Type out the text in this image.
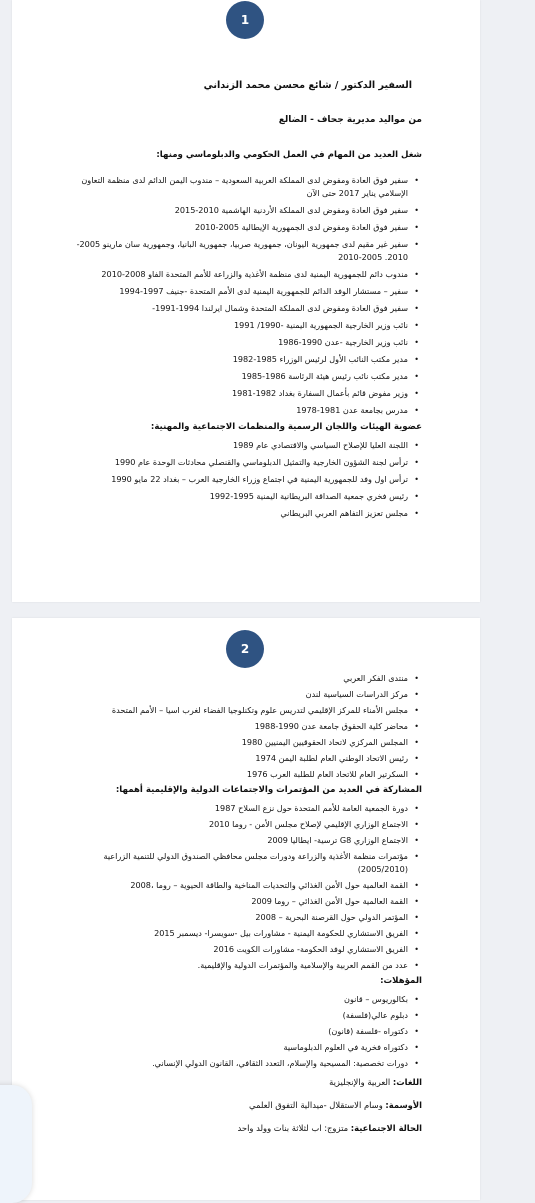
1
السفير الدكتور / شائع محسن محمد الزنداني
من مواليد مديرية جحاف - الضالع
شغل العديد من المهام في العمل الحكومي والدبلوماسي ومنها:
• سفير فوق العادة ومفوض لدى المملكة العربية السعودية – مندوب اليمن الدائم لدى منظمة التعاون الإسلامي يناير 2017 حتى الآن
• سفير فوق العادة ومفوض لدى المملكة الأردنية الهاشمية 2010-2015
• سفير فوق العادة ومفوض لدى الجمهورية الإيطالية 2005-2010
• سفير غير مقيم لدى جمهورية اليونان، جمهورية صربيا، جمهورية البانيا، وجمهورية سان مارينو 2005-2010. 2005-2010
• مندوب دائم للجمهورية اليمنية لدى منظمة الأغذية والزراعة للأمم المتحدة الفاو 2008-2010
• سفير – مستشار الوفد الدائم للجمهورية اليمنية لدى الأمم المتحدة -جنيف 1997-1994
• سفير فوق العادة ومفوض لدى المملكة المتحدة وشمال ايرلندا 1994-1991-
• نائب وزير الخارجية الجمهورية اليمنية -1990/ 1991
• نائب وزير الخارجية -عدن 1990-1986
• مدير مكتب النائب الأول لرئيس الوزراء 1985-1982
• مدير مكتب نائب رئيس هيئة الرئاسة 1986-1985
• وزير مفوض قائم بأعمال السفارة بغداد 1982-1981
• مدرس بجامعة عدن 1981-1978
عضوية الهيئات واللجان الرسمية والمنظمات الاجتماعية والمهنية:
• اللجنة العليا للإصلاح السياسي والاقتصادي عام 1989
• ترأس لجنة الشؤون الخارجية والتمثيل الدبلوماسي والقنصلي محادثات الوحدة عام 1990
• ترأس اول وفد للجمهورية اليمنية في اجتماع وزراء الخارجية العرب – بغداد 22 مايو 1990
• رئيس فخري جمعية الصداقة البريطانية اليمنية 1995-1992
• مجلس تعزيز التفاهم العربي البريطاني
2
• منتدى الفكر العربي
• مركز الدراسات السياسية لندن
• مجلس الأمناء للمركز الإقليمي لتدريس علوم وتكنلوجيا الفضاء لغرب اسيا – الأمم المتحدة
• محاضر كلية الحقوق جامعة عدن 1990-1988
• المجلس المركزي لاتحاد الحقوقيين اليمنيين 1980
• رئيس الاتحاد الوطني العام لطلبة اليمن 1974
• السكرتير العام للاتحاد العام للطلبة العرب 1976
المشاركة في العديد من المؤتمرات والاجتماعات الدولية والإقليمية أهمها:
• دورة الجمعية العامة للأمم المتحدة حول نزع السلاح 1987
• الاجتماع الوزاري الإقليمي لإصلاح مجلس الأمن - روما 2010
• الاجتماع الوزاري G8 ترسية- ايطاليا 2009
• مؤتمرات منظمة الأغذية والزراعة ودورات مجلس محافظي الصندوق الدولي للتنمية الزراعية (2005/2010)
• القمة العالمية حول الأمن الغذائي والتحديات المناخية والطاقة الحيوية – روما ،2008
• القمة العالمية حول الأمن الغذائي – روما 2009
• المؤتمر الدولي حول القرصنة البحرية – 2008
• الفريق الاستشاري للحكومة اليمنية - مشاورات بيل -سويسرا- ديسمبر 2015
• الفريق الاستشاري لوفد الحكومة- مشاورات الكويت 2016
• عدد من القمم العربية والإسلامية والمؤتمرات الدولية والإقليمية.
المؤهلات:
• بكالوريوس – قانون
• دبلوم عالي(فلسفة)
• دكتوراه -فلسفة (قانون)
• دكتوراه فخرية في العلوم الدبلوماسية
• دورات تخصصية: المسيحية والإسلام، التعدد الثقافي، القانون الدولي الإنساني.
اللغات: العربية والإنجليزية
الأوسمة: وسام الاستقلال -ميدالية التفوق العلمي
الحالة الاجتماعية: متزوج: اب لثلاثة بنات وولد واحد
